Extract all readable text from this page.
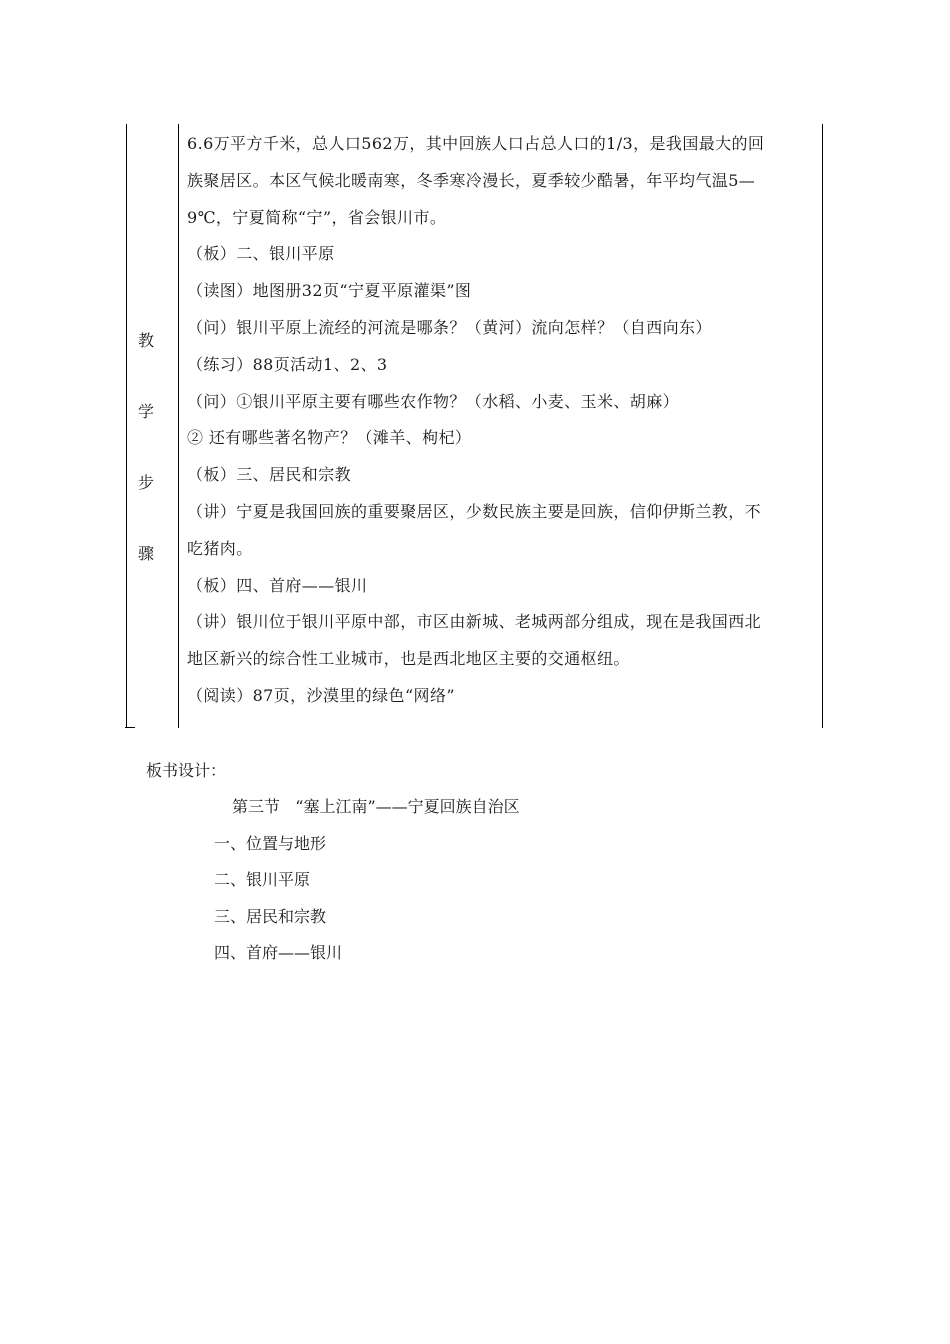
教
学
步
骤
6.6万平方千米，总人口562万，其中回族人口占总人口的1/3，是我国最大的回
族聚居区。本区气候北暖南寒，冬季寒冷漫长，夏季较少酷暑，年平均气温5—
9℃，宁夏简称“宁”，省会银川市。
（板）二、银川平原
（读图）地图册32页“宁夏平原灌渠”图
（问）银川平原上流经的河流是哪条？（黄河）流向怎样？（自西向东）
（练习）88页活动1、2、3
（问）①银川平原主要有哪些农作物？（水稻、小麦、玉米、胡麻）
② 还有哪些著名物产？（滩羊、枸杞）
（板）三、居民和宗教
（讲）宁夏是我国回族的重要聚居区，少数民族主要是回族，信仰伊斯兰教，不
吃猪肉。
（板）四、首府——银川
（讲）银川位于银川平原中部，市区由新城、老城两部分组成，现在是我国西北
地区新兴的综合性工业城市，也是西北地区主要的交通枢纽。
（阅读）87页，沙漠里的绿色“网络”
板书设计：
第三节   “塞上江南”——宁夏回族自治区
一、位置与地形
二、银川平原
三、居民和宗教
四、首府——银川
